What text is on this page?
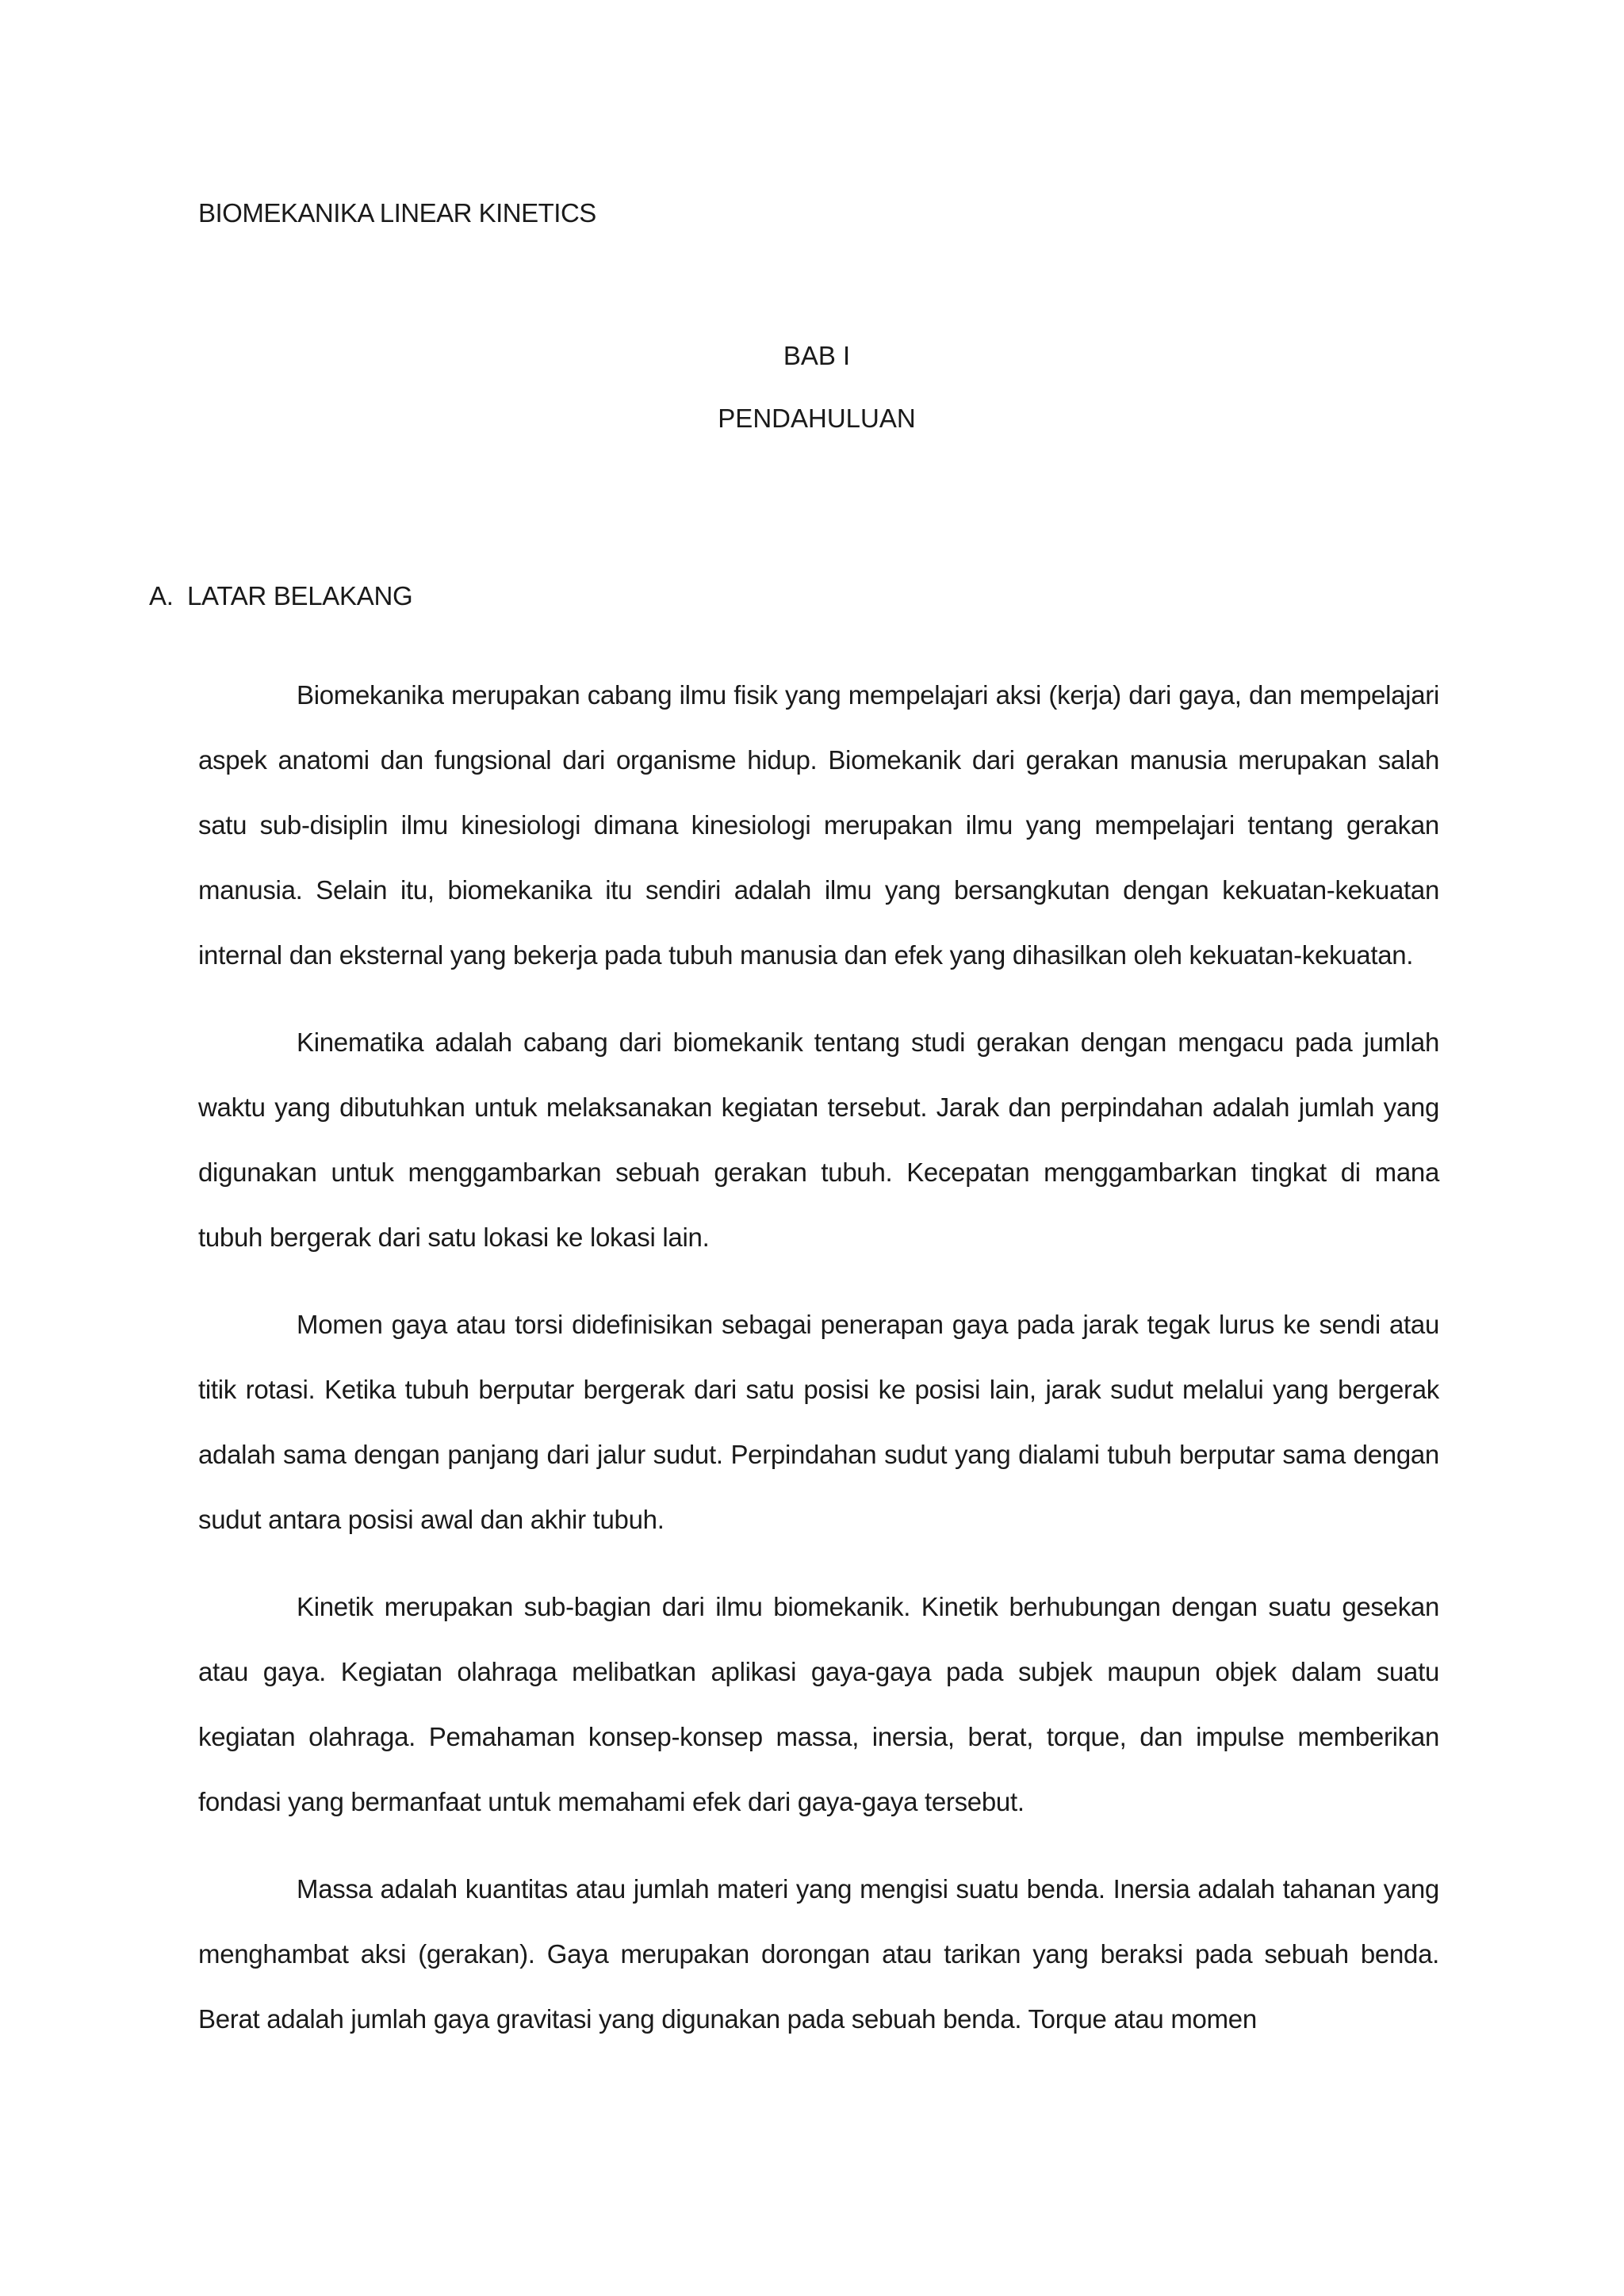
BIOMEKANIKA LINEAR KINETICS
BAB I
PENDAHULUAN
A. LATAR BELAKANG

Biomekanika merupakan cabang ilmu fisik yang mempelajari aksi (kerja) dari gaya, dan mempelajari aspek anatomi dan fungsional dari organisme hidup. Biomekanik dari gerakan manusia merupakan salah satu sub-disiplin ilmu kinesiologi dimana kinesiologi merupakan ilmu yang mempelajari tentang gerakan manusia. Selain itu, biomekanika itu sendiri adalah ilmu yang bersangkutan dengan kekuatan-kekuatan internal dan eksternal yang bekerja pada tubuh manusia dan efek yang dihasilkan oleh kekuatan-kekuatan.

Kinematika adalah cabang dari biomekanik tentang studi gerakan dengan mengacu pada jumlah waktu yang dibutuhkan untuk melaksanakan kegiatan tersebut. Jarak dan perpindahan adalah jumlah yang digunakan untuk menggambarkan sebuah gerakan tubuh. Kecepatan menggambarkan tingkat di mana tubuh bergerak dari satu lokasi ke lokasi lain.

Momen gaya atau torsi didefinisikan sebagai penerapan gaya pada jarak tegak lurus ke sendi atau titik rotasi. Ketika tubuh berputar bergerak dari satu posisi ke posisi lain, jarak sudut melalui yang bergerak adalah sama dengan panjang dari jalur sudut. Perpindahan sudut yang dialami tubuh berputar sama dengan sudut antara posisi awal dan akhir tubuh.

Kinetik merupakan sub-bagian dari ilmu biomekanik. Kinetik berhubungan dengan suatu gesekan atau gaya. Kegiatan olahraga melibatkan aplikasi gaya-gaya pada subjek maupun objek dalam suatu kegiatan olahraga. Pemahaman konsep-konsep massa, inersia, berat, torque, dan impulse memberikan fondasi yang bermanfaat untuk memahami efek dari gaya-gaya tersebut.

Massa adalah kuantitas atau jumlah materi yang mengisi suatu benda. Inersia adalah tahanan yang menghambat aksi (gerakan). Gaya merupakan dorongan atau tarikan yang beraksi pada sebuah benda. Berat adalah jumlah gaya gravitasi yang digunakan pada sebuah benda. Torque atau momen
